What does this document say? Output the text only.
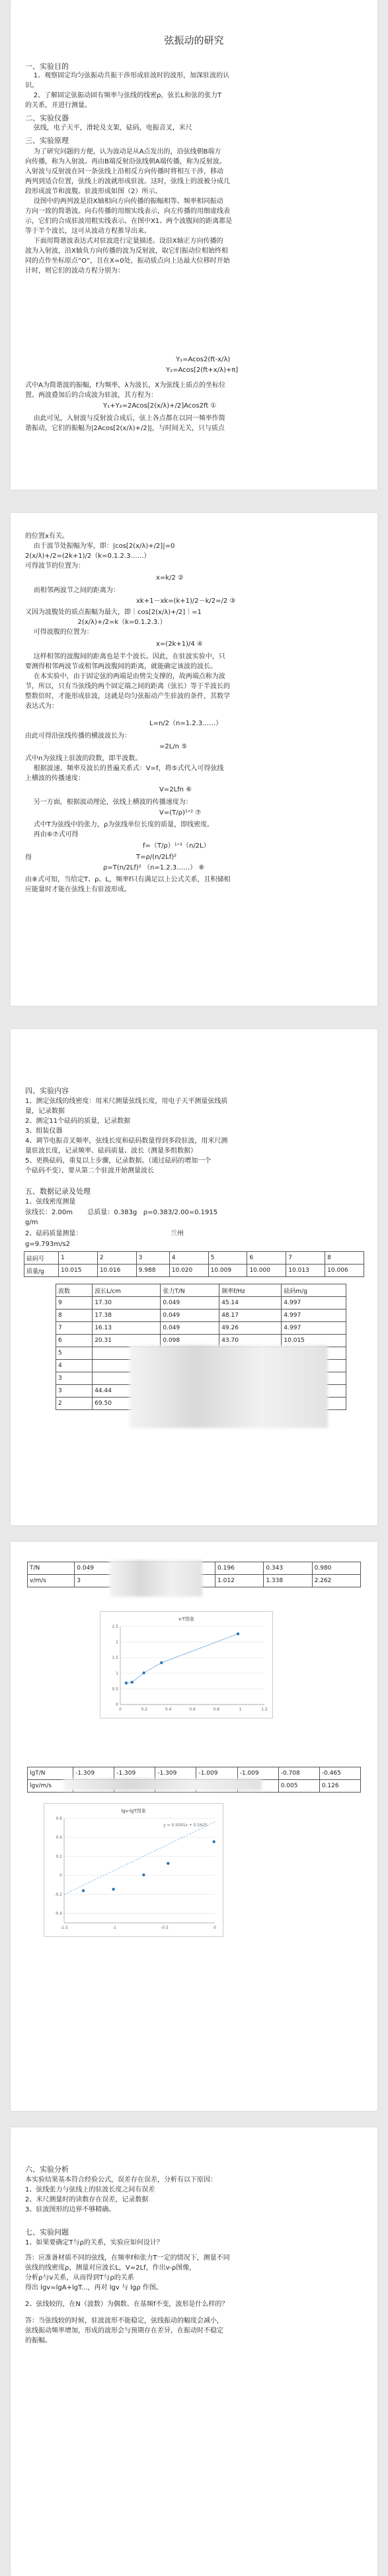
弦振动的研究
一、实验目的
1、观察固定均匀弦振动共振干涉形成驻波时的波形，加深驻波的认
识。
2、了解固定弦振动固有频率与弦线的线密ρ，弦长L和弦的张力T
的关系，并进行测量。
二、实验仪器
弦线，电子天平，滑轮及支架，砝码，电振音叉，米尺
三、实验原理
为了研究问题的方便，认为波动是从A点发出的，沿弦线朝B端方
向传播，称为入射波。再由B端反射沿弦线朝A端传播，称为反射波。
入射波与反射波在同一条弦线上沿相反方向传播时将相互干涉，移动
两列到适合位置，弦线上的波就形成驻波。这时，弦线上的波被分成几
段形成波节和波腹。驻波形成如图（2）所示。
设图中的两列波是沿X轴相向方向传播的振幅相等、频率相同振动
方向一致的简谐波。向右传播的用细实线表示，向左传播的用细虚线表
示，它们的合成驻波用粗实线表示。在图中X1、两个波腹间的距离都是
等于半个波长，这可从波动方程推导出来。
下面用简谐波表达式对驻波进行定量描述。设沿X轴正方向传播的
波为入射波，沿X轴负方向传播的波为反射波，取它们振动位相始终相
同的点作坐标原点“O”，且在X=0处，振动质点向上达最大位移时开始
计时，则它们的波动方程分别为：
Y₁=Acos2(ft-x/λ)
Y₂=Acos[2(ft+x/λ)+π]
式中A为简谐波的振幅，f为频率，λ为波长，X为弦线上质点的坐标位
置。两波叠加后的合成波为驻波，其方程为：
Y₁+Y₂=2Acos[2(x/λ)+/2]Acos2ft ①
由此可见，入射波与反射波合成后，弦上各点都在以同一频率作简
谐振动，它们的振幅为|2Acos[2(x/λ)+/2]|，与时间无关，只与质点
的位置x有关。
由于波节处振幅为零，即：|cos[2(x/λ)+/2]|=0
2(x/λ)+/2=(2k+1)/2（k=0.1.2.3……）
可得波节的位置为：
x=k/2 ②
而相邻两波节之间的距离为：
xk+1－xk=(k+1)/2－k/2=/2 ③
又因为波腹处的质点振幅为最大，即｜cos[2(x/λ)+/2]｜=1
2(x/λ)+/2=k（k=0.1.2.3.）
可得波腹的位置为：
x=(2k+1)/4 ④
这样相邻的波腹间的距离也是半个波长。因此，在驻波实验中，只
要测得相邻两波节或相邻两波腹间的距离，就能确定该波的波长。
在本实验中，由于固定弦的两端是由劈尖支撑的，故两端点称为波
节，所以，只有当弦线的两个固定端之间的距离（弦长）等于半波长的
整数倍时，才能形成驻波，这就是均匀弦振动产生驻波的条件，其数学
表达式为：
L=n/2（n=1.2.3……）
由此可得沿弦线传播的横波波长为：
=2L/n ⑤
式中n为弦线上驻波的段数，即半波数。
根据波速、频率及波长的普遍关系式：V=f，将⑤式代入可得弦线
上横波的传播速度：
V=2Lfn ⑥
另一方面，根据波动理论，弦线上横波的传播速度为：
V=(T/ρ)¹ᐟ² ⑦
式中T为弦线中的张力，ρ为弦线单位长度的质量，即线密度。
再由⑥⑦式可得
f=（T/ρ）¹ᐟ²（n/2L）
得	T=ρ/(n/2Lf)²
ρ=T(n/2Lf)² （n=1.2.3……） ⑧
由⑧式可知，当给定T、ρ、L，频率f只有满足以上公式关系，且积储相
应能量时才能在弦线上有驻波形成。
四、实验内容
1、测定弦线的线密度：用米尺测量弦线长度，用电子天平测量弦线质
量，记录数据
2、测定11个砝码的质量，记录数据
3、组装仪器
4、调节电振音叉频率，弦线长度和砝码数量得到多段驻波，用米尺测
量驻波长度，记录频率、砝码质量、波长（测量多组数据）
5、更换砝码，重复以上步骤，记录数据。（通过砝码的增加一个
个砝码不变），要从第二个驻波开始测量波长
五、数据记录及处理
1、弦线密度测量
弦线长：2.00m       总质量：0.383g   ρ=0.383/2.00=0.1915
g/m
2、砝码质量测量：                                          兰州
g=9.793m/s2
砝码号	1	2	3	4	5	6	7	8
质量/g	10.015	10.016	9.988	10.020	10.009	10.000	10.013	10.006
波数	波长L/cm	张力T/N	频率f/Hz	砝码m/g
9	17.30	0.049	45.14	4.997
8	17.38	0.049	48.17	4.997
7	16.13	0.049	49.26	4.997
6	20.31	0.098	43.70	10.015
5				
4				
3				
3	44.44			
2	69.50			
T/N	0.049					0.196	0.343	0.980
v/m/s	3					1.012	1.338	2.262
v-T图象
0
0.5
1
1.5
2
2.5
0	0.2	0.4	0.6	0.8	1	1.2
lgT/N	-1.309	-1.309	-1.309	-1.009	-1.009	-0.708	-0.465
lgv/m/s						0.005	0.126
lgv-lgT图象
-0.4
-0.2
0
0.2
0.4
0.6
-1.5	-1	-0.5	0
y = 0.5091x + 0.5625
六、实验分析
本实验结果基本符合经验公式，误差存在误差，分析有以下原因：
1、弦线张力与弦线上的驻波长度之间有误差
2、米尺测量时的读数存在误差，记录数据
3、驻波图形的边界不够精确。
七、实验问题
1、如果要确定T与ρ的关系，实验应如何设计？
答：应准备材质不同的弦线，在频率f和张力T一定的情况下，测量不同
弦线的线密度ρ，测量对应波长L，V=2Lf，作出v-ρ图像，
分析ρ与v关系，从而得到T与ρ的关系
得出 lgv=lgA+lgT...，再对 lgv 与 lgρ 作图。
2、弦线较的，在N（波数）为偶数、在基频f不变，波形是什么样的？
答：当弦线较的时候，驻波波形不能稳定，弦线振动的幅度会减小，
弦线振动频率增加，形成的波形会与预期存在差异，在振动时不稳定
的振幅。
